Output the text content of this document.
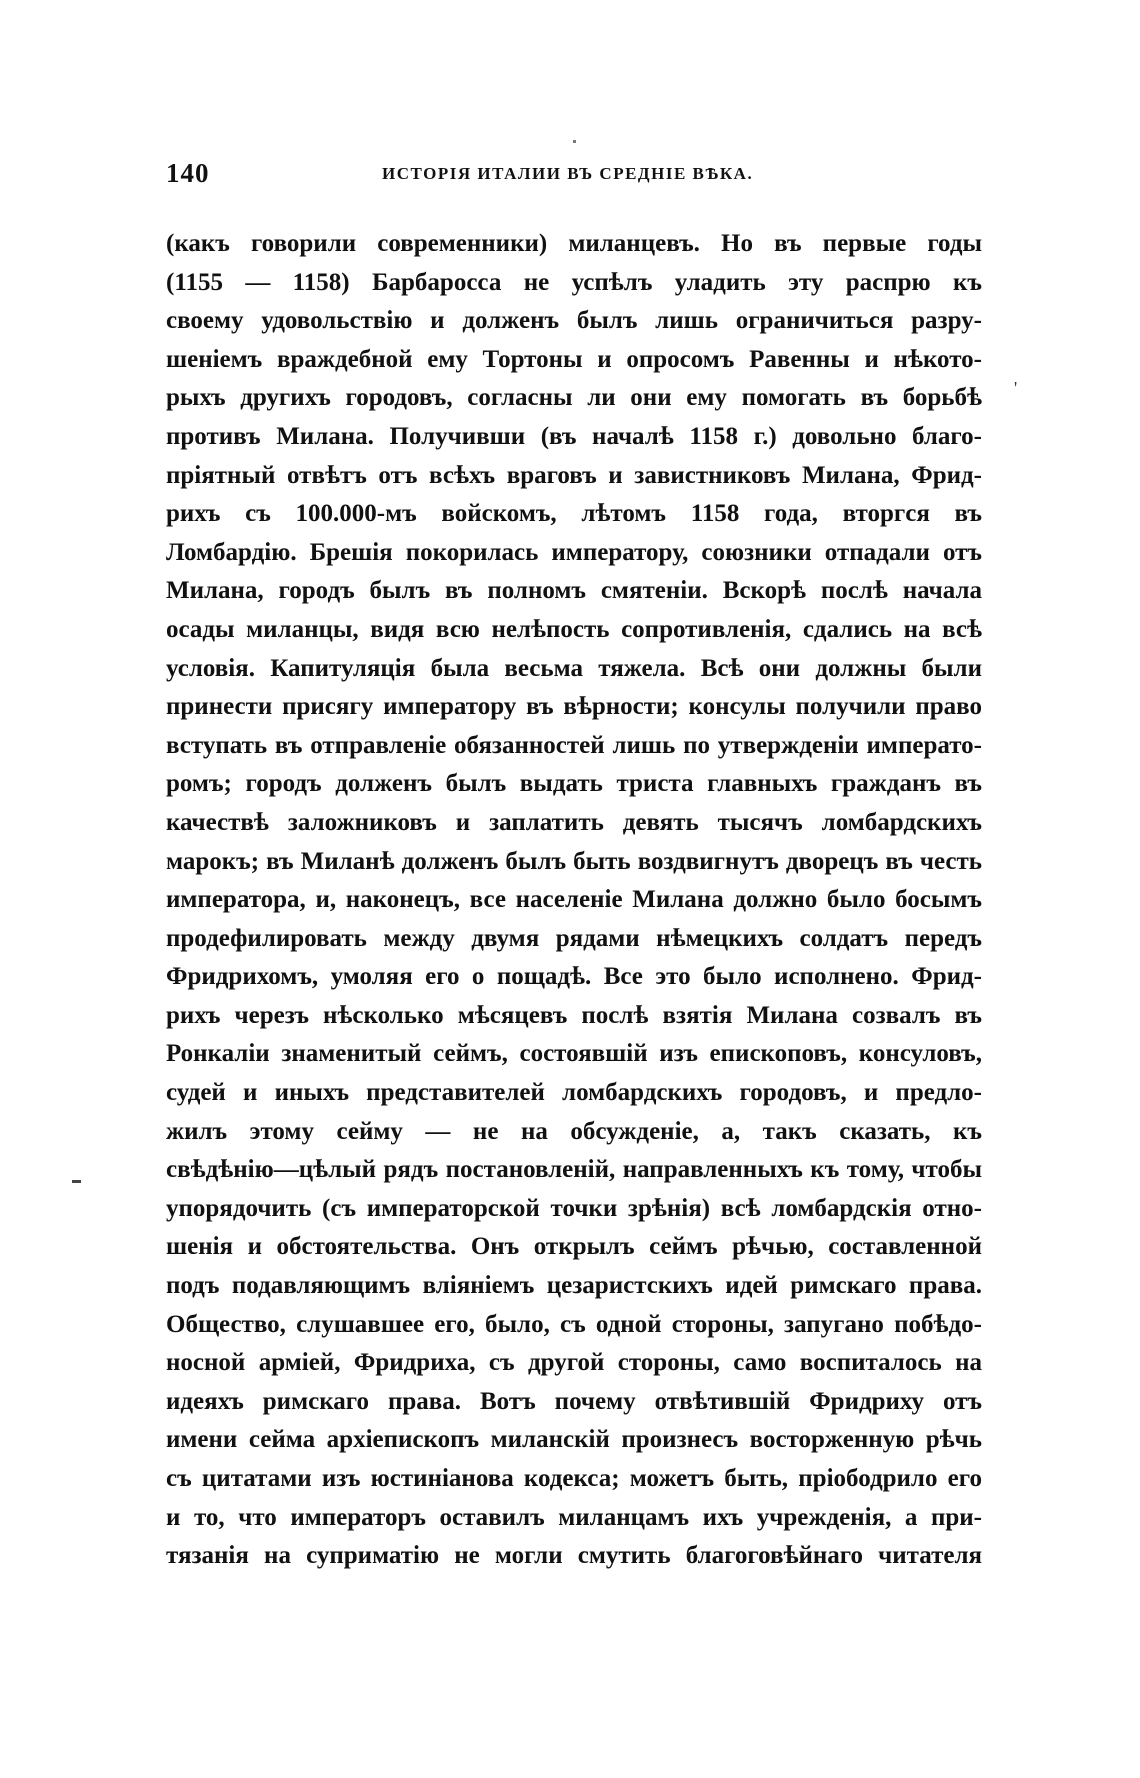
140	ИСТОРІЯ ИТАЛИИ ВЪ СРЕДНІЕ ВѢКА.
'
(какъ говорили современники) миланцевъ. Но въ первые годы
(1155 — 1158) Барбаросса не успѣлъ уладить эту распрю къ
своему удовольствію и долженъ былъ лишь ограничиться разру-
шеніемъ враждебной ему Тортоны и опросомъ Равенны и нѣкото-
рыхъ другихъ городовъ, согласны ли они ему помогать въ борьбѣ
противъ Милана. Получивши (въ началѣ 1158 г.) довольно благо-
пріятный отвѣтъ отъ всѣхъ враговъ и завистниковъ Милана, Фрид-
рихъ съ 100.000-мъ войскомъ, лѣтомъ 1158 года, вторгся въ
Ломбардію. Брешія покорилась императору, союзники отпадали отъ
Милана, городъ былъ въ полномъ смятеніи. Вскорѣ послѣ начала
осады миланцы, видя всю нелѣпость сопротивленія, сдались на всѣ
условія. Капитуляція была весьма тяжела. Всѣ они должны были
принести присягу императору въ вѣрности; консулы получили право
вступать въ отправленіе обязанностей лишь по утвержденіи императо-
ромъ; городъ долженъ былъ выдать триста главныхъ гражданъ въ
качествѣ заложниковъ и заплатить девять тысячъ ломбардскихъ
марокъ; въ Миланѣ долженъ былъ быть воздвигнутъ дворецъ въ честь
императора, и, наконецъ, все населеніе Милана должно было босымъ
продефилировать между двумя рядами нѣмецкихъ солдатъ передъ
Фридрихомъ, умоляя его о пощадѣ. Все это было исполнено. Фрид-
рихъ черезъ нѣсколько мѣсяцевъ послѣ взятія Милана созвалъ въ
Ронкаліи знаменитый сеймъ, состоявшій изъ епископовъ, консуловъ,
судей и иныхъ представителей ломбардскихъ городовъ, и предло-
жилъ этому сейму — не на обсужденіе, а, такъ сказать, къ
свѣдѣнію—цѣлый рядъ постановленій, направленныхъ къ тому, чтобы
упорядочить (съ императорской точки зрѣнія) всѣ ломбардскія отно-
шенія и обстоятельства. Онъ открылъ сеймъ рѣчью, составленной
подъ подавляющимъ вліяніемъ цезаристскихъ идей римскаго права.
Общество, слушавшее его, было, съ одной стороны, запугано побѣдо-
носной арміей, Фридриха, съ другой стороны, само воспиталось на
идеяхъ римскаго права. Вотъ почему отвѣтившій Фридриху отъ
имени сейма архіепископъ миланскій произнесъ восторженную рѣчь
съ цитатами изъ юстиніанова кодекса; можетъ быть, пріободрило его
и то, что императоръ оставилъ миланцамъ ихъ учрежденія, а при-
тязанія на суприматію не могли смутить благоговѣйнаго читателя
